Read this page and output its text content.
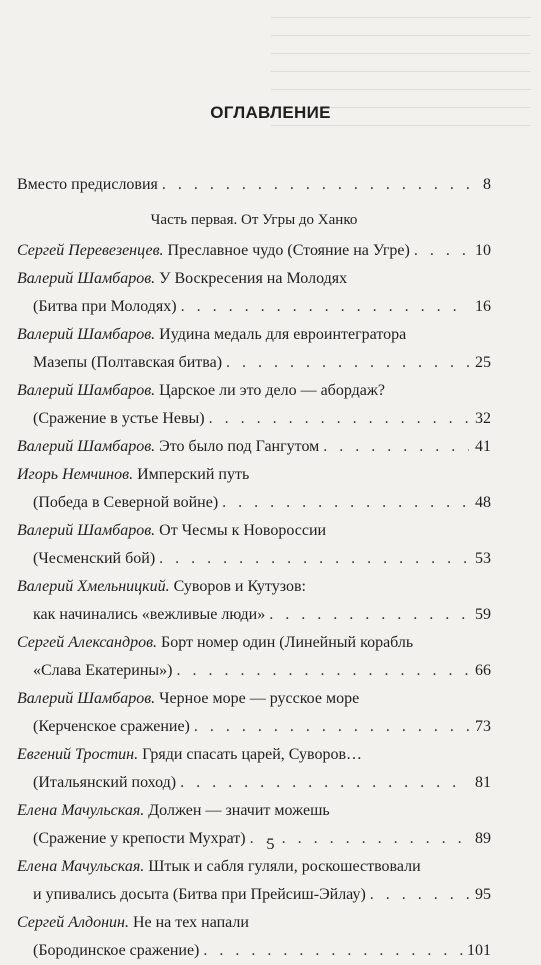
ОГЛАВЛЕНИЕ
Вместо предисловия . . .	8
Часть первая. От Угры до Ханко
Сергей Перевезенцев. Преславное чудо (Стояние на Угре) . . .	10
Валерий Шамбаров. У Воскресения на Молодях
(Битва при Молодях) . . .	16
Валерий Шамбаров. Иудина медаль для евроинтегратора
Мазепы (Полтавская битва) . . .	25
Валерий Шамбаров. Царское ли это дело — абордаж?
(Сражение в устье Невы) . . .	32
Валерий Шамбаров. Это было под Гангутом . . .	41
Игорь Немчинов. Имперский путь
(Победа в Северной войне) . . .	48
Валерий Шамбаров. От Чесмы к Новороссии
(Чесменский бой) . . .	53
Валерий Хмельницкий. Суворов и Кутузов:
как начинались «вежливые люди» . . .	59
Сергей Александров. Борт номер один (Линейный корабль
«Слава Екатерины») . . .	66
Валерий Шамбаров. Черное море — русское море
(Керченское сражение) . . .	73
Евгений Тростин. Гряди спасать царей, Суворов…
(Итальянский поход) . . .	81
Елена Мачульская. Должен — значит можешь
(Сражение у крепости Мухрат) . . .	89
Елена Мачульская. Штык и сабля гуляли, роскошествовали
и упивались досыта (Битва при Прейсиш-Эйлау) . . .	95
Сергей Алдонин. Не на тех напали
(Бородинское сражение) . . .	101
5
